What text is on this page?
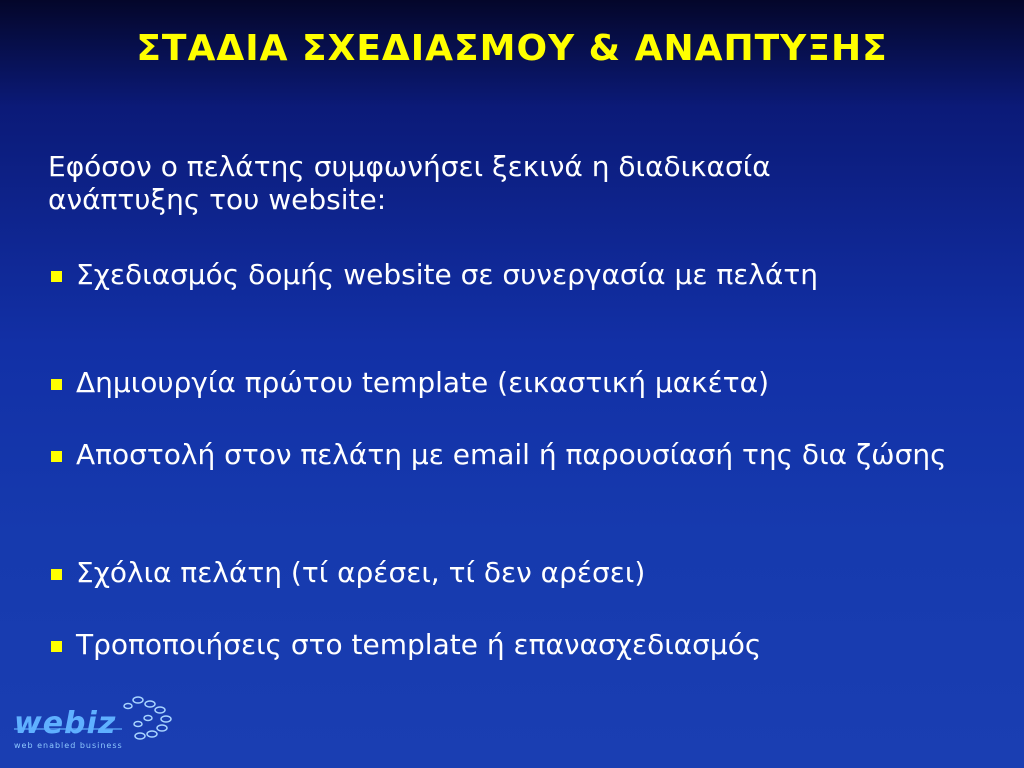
ΣΤΑΔΙΑ ΣΧΕΔΙΑΣΜΟΥ & ΑΝΑΠΤΥΞΗΣ
Εφόσον ο πελάτης συμφωνήσει ξεκινά η διαδικασία
ανάπτυξης του website:
Σχεδιασμός δομής website σε συνεργασία με πελάτη
Δημιουργία πρώτου template (εικαστική μακέτα)
Αποστολή στον πελάτη με email ή παρουσίασή της δια ζώσης
Σχόλια πελάτη (τί αρέσει, τί δεν αρέσει)
Τροποποιήσεις στο template ή επανασχεδιασμός
webiz
web enabled business
